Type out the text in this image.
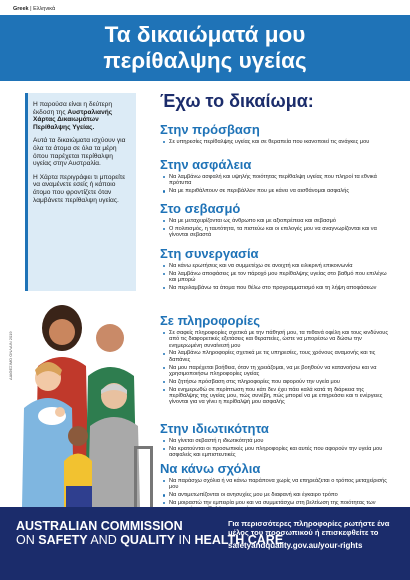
Greek | Ελληνικά
Τα δικαιώματά μου
περίθαλψης υγείας

Η παρούσα είναι η δεύτερη έκδοση της Αυστραλιανής Χάρτας Δικαιωμάτων Περίθαλψης Υγείας.

Αυτά τα δικαιώματα ισχύουν για όλα τα άτομα σε όλα τα μέρη όπου παρέχεται περίθαλψη υγείας στην Αυστραλία.

Η Χάρτα περιγράφει τι μπορείτε να αναμένετε εσείς ή κάποιο άτομο που φροντίζετε όταν λαμβάνετε περίθαλψη υγείας.

Έχω το δικαίωμα:
Στην πρόσβαση
Σε υπηρεσίες περίθαλψης υγείας και σε θεραπεία που ικανοποιεί τις ανάγκες μου
Στην ασφάλεια
Να λαμβάνω ασφαλή και υψηλής ποιότητας περίθαλψη υγείας που πληροί τα εθνικά πρότυπα
Να με περιθάλπουν σε περιβάλλον που με κάνει να αισθάνομαι ασφαλής
Στο σεβασμό
Να με μεταχειρίζονται ως άνθρωπο και με αξιοπρέπεια και σεβασμό
Ο πολιτισμός, η ταυτότητα, τα πιστεύω και οι επιλογές μου να αναγνωρίζονται και να γίνονται σεβαστά
Στη συνεργασία
Να κάνω ερωτήσεις και να συμμετέχω σε ανοιχτή και ειλικρινή επικοινωνία
Να λαμβάνω αποφάσεις με τον πάροχό μου περίθαλψης υγείας στο βαθμό που επιλέγω και μπορώ
Να περιλαμβάνω τα άτομα που θέλω στο προγραμματισμό και τη λήψη αποφάσεων
Σε πληροφορίες
Σε σαφείς πληροφορίες σχετικά με την πάθησή μου, τα πιθανά οφέλη και τους κινδύνους από τις διαφορετικές εξετάσεις και θεραπείες, ώστε να μπορέσω να δώσω την ενημερωμένη συναίνεσή μου
Να λαμβάνω πληροφορίες σχετικά με τις υπηρεσίες, τους χρόνους αναμονής και τις δαπάνες
Να μου παρέχεται βοήθεια, όταν τη χρειάζομαι, να με βοηθούν να κατανοήσω και να χρησιμοποιήσω πληροφορίες υγείας
Να ζητήσω πρόσβαση στις πληροφορίες που αφορούν την υγεία μου
Να ενημερωθώ σε περίπτωση που κάτι δεν έχει πάει καλά κατά τη διάρκεια της περίθαλψης της υγείας μου, πώς συνέβη, πώς μπορεί να με επηρεάσει και τι ενέργειες γίνονται για να γίνει η περίθαλψή μου ασφαλής
Στην ιδιωτικότητα
Να γίνεται σεβαστή η ιδιωτικότητά μου
Να κρατούνται οι προσωπικές μου πληροφορίες και αυτές που αφορούν την υγεία μου ασφαλείς και εμπιστευτικές
Να κάνω σχόλια
Να παράσχω σχόλια ή να κάνω παράπονα χωρίς να επηρεάζεται ο τρόπος μεταχείρισής μου
Να αντιμετωπίζονται οι ανησυχίες μου με διαφανή και έγκαιρο τρόπο
Να μοιραστώ την εμπειρία μου και να συμμετάσχω στη βελτίωση της ποιότητας των
ΔΙΑΘΕΣΙΜΟ ΟΝΛΑΙΝ 2019
AUSTRALIAN COMMISSION
ON SAFETY AND QUALITY IN HEALTH CARE
Για περισσότερες πληροφορίες ρωτήστε ένα μέλος του προσωπικού ή επισκεφθείτε το
safetyandquality.gov.au/your-rights
